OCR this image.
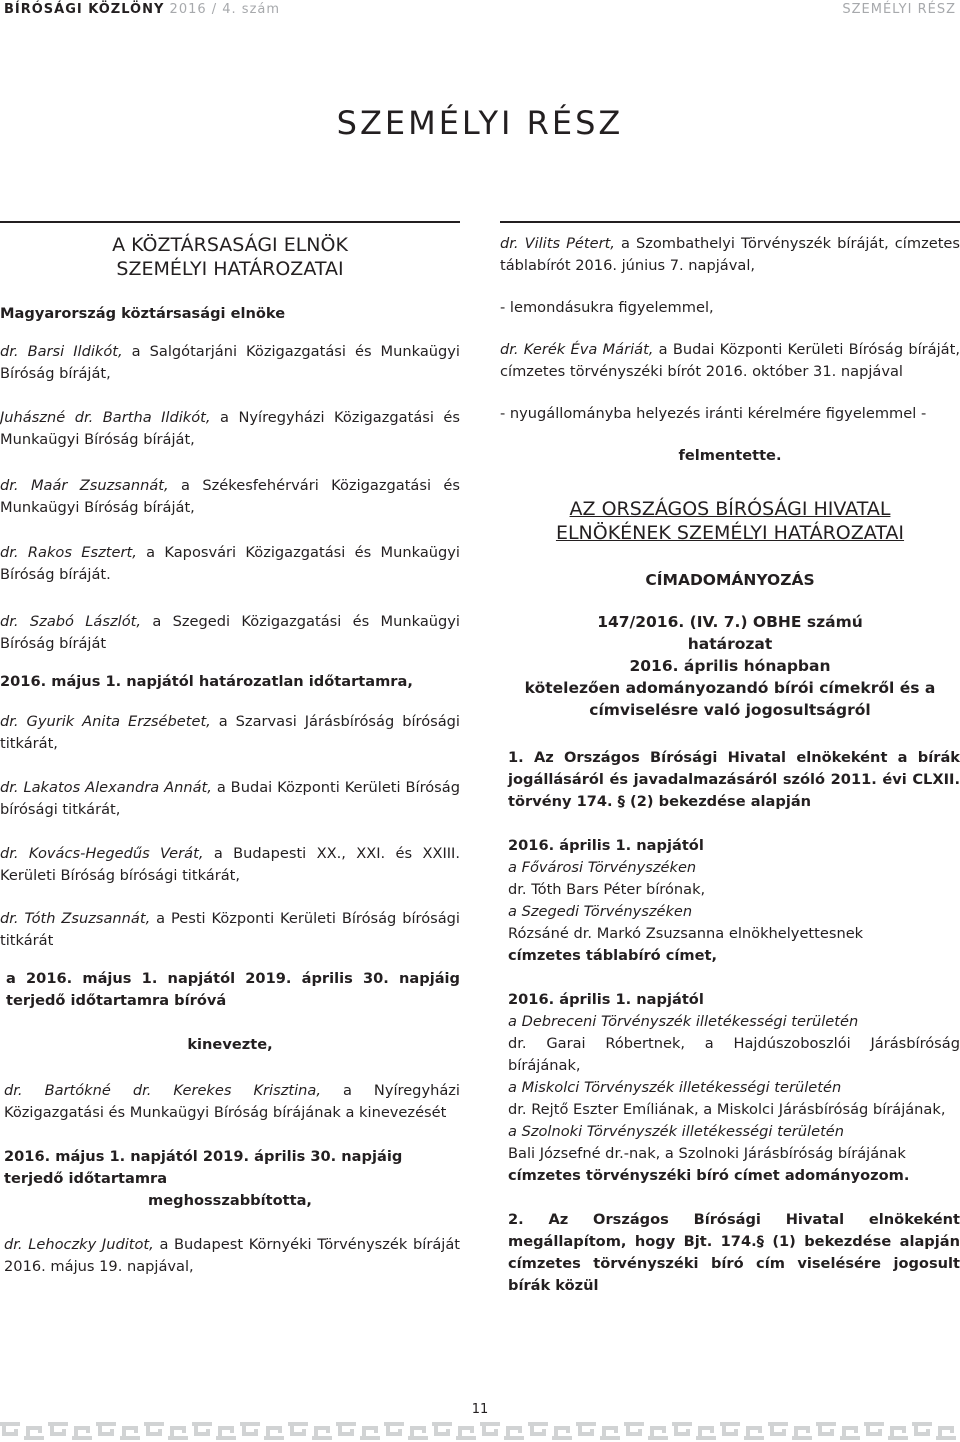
BÍRÓSÁGI KÖZLÖNY 2016 / 4. szám	SZEMÉLYI RÉSZ
SZEMÉLYI RÉSZ
A KÖZTÁRSASÁGI ELNÖK
SZEMÉLYI HATÁROZATAI

Magyarország köztársasági elnöke

dr. Barsi Ildikót, a Salgótarjáni Közigazgatási és Munkaügyi Bíróság bíráját,

Juhászné dr. Bartha Ildikót, a Nyíregyházi Közigazgatási és Munkaügyi Bíróság bíráját,

dr. Maár Zsuzsannát, a Székesfehérvári Közigazgatási és Munkaügyi Bíróság bíráját,

dr. Rakos Esztert, a Kaposvári Közigazgatási és Munkaügyi Bíróság bíráját.

dr. Szabó Lászlót, a Szegedi Közigazgatási és Munkaügyi Bíróság bíráját

2016. május 1. napjától határozatlan időtartamra,

dr. Gyurik Anita Erzsébetet, a Szarvasi Járásbíróság bírósági titkárát,

dr. Lakatos Alexandra Annát, a Budai Központi Kerületi Bíróság bírósági titkárát,

dr. Kovács-Hegedűs Verát, a Budapesti XX., XXI. és XXIII. Kerületi Bíróság bírósági titkárát,

dr. Tóth Zsuzsannát, a Pesti Központi Kerületi Bíróság bírósági titkárát

a 2016. május 1. napjától 2019. április 30. napjáig terjedő időtartamra bíróvá

kinevezte,

dr. Bartókné dr. Kerekes Krisztina, a Nyíregyházi Közigazgatási és Munkaügyi Bíróság bírájának a kinevezését

2016. május 1. napjától 2019. április 30. napjáig terjedő időtartamra

meghosszabbította,

dr. Lehoczky Juditot, a Budapest Környéki Törvényszék bíráját 2016. május 19. napjával,

dr. Vilits Pétert, a Szombathelyi Törvényszék bíráját, címzetes táblabírót 2016. június 7. napjával,

- lemondásukra figyelemmel,

dr. Kerék Éva Máriát, a Budai Központi Kerületi Bíróság bíráját, címzetes törvényszéki bírót 2016. október 31. napjával

- nyugállományba helyezés iránti kérelmére figyelemmel -

felmentette.

AZ ORSZÁGOS BÍRÓSÁGI HIVATAL
ELNÖKÉNEK SZEMÉLYI HATÁROZATAI
CÍMADOMÁNYOZÁS
147/2016. (IV. 7.) OBHE számú
határozat
2016. április hónapban
kötelezően adományozandó bírói címekről és a
címviselésre való jogosultságról

1. Az Országos Bírósági Hivatal elnökeként a bírák jogállásáról és javadalmazásáról szóló 2011. évi CLXII. törvény 174. § (2) bekezdése alapján

2016. április 1. napjától

a Fővárosi Törvényszéken

dr. Tóth Bars Péter bírónak,

a Szegedi Törvényszéken

Rózsáné dr. Markó Zsuzsanna elnökhelyettesnek

címzetes táblabíró címet,

2016. április 1. napjától

a Debreceni Törvényszék illetékességi területén

dr. Garai Róbertnek, a Hajdúszoboszlói Járásbíróság bírájának,

a Miskolci Törvényszék illetékességi területén

dr. Rejtő Eszter Emíliának, a Miskolci Járásbíróság bírájának,

a Szolnoki Törvényszék illetékességi területén

Bali Józsefné dr.-nak, a Szolnoki Járásbíróság bírájának

címzetes törvényszéki bíró címet adományozom.

2. Az Országos Bírósági Hivatal elnökeként megállapítom, hogy Bjt. 174.§ (1) bekezdése alapján címzetes törvényszéki bíró cím viselésére jogosult bírák közül

11
